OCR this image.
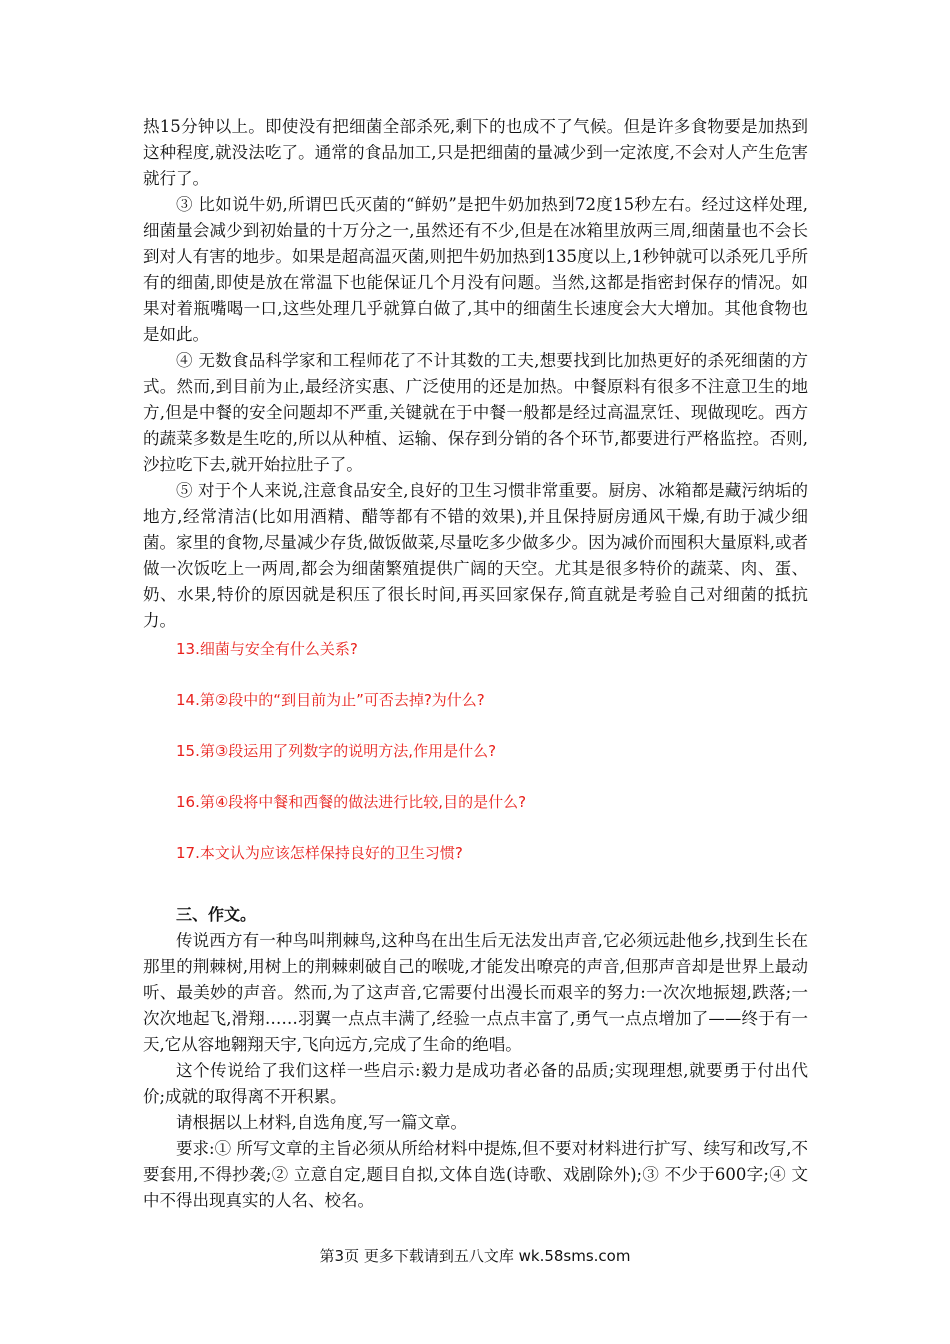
热15分钟以上。即使没有把细菌全部杀死,剩下的也成不了气候。但是许多食物要是加热到这种程度,就没法吃了。通常的食品加工,只是把细菌的量减少到一定浓度,不会对人产生危害就行了。

③ 比如说牛奶,所谓巴氏灭菌的“鲜奶”是把牛奶加热到72度15秒左右。经过这样处理,细菌量会减少到初始量的十万分之一,虽然还有不少,但是在冰箱里放两三周,细菌量也不会长到对人有害的地步。如果是超高温灭菌,则把牛奶加热到135度以上,1秒钟就可以杀死几乎所有的细菌,即使是放在常温下也能保证几个月没有问题。当然,这都是指密封保存的情况。如果对着瓶嘴喝一口,这些处理几乎就算白做了,其中的细菌生长速度会大大增加。其他食物也是如此。

④ 无数食品科学家和工程师花了不计其数的工夫,想要找到比加热更好的杀死细菌的方式。然而,到目前为止,最经济实惠、广泛使用的还是加热。中餐原料有很多不注意卫生的地方,但是中餐的安全问题却不严重,关键就在于中餐一般都是经过高温烹饪、现做现吃。西方的蔬菜多数是生吃的,所以从种植、运输、保存到分销的各个环节,都要进行严格监控。否则,沙拉吃下去,就开始拉肚子了。

⑤ 对于个人来说,注意食品安全,良好的卫生习惯非常重要。厨房、冰箱都是藏污纳垢的地方,经常清洁(比如用酒精、醋等都有不错的效果),并且保持厨房通风干燥,有助于减少细菌。家里的食物,尽量减少存货,做饭做菜,尽量吃多少做多少。因为减价而囤积大量原料,或者做一次饭吃上一两周,都会为细菌繁殖提供广阔的天空。尤其是很多特价的蔬菜、肉、蛋、奶、水果,特价的原因就是积压了很长时间,再买回家保存,简直就是考验自己对细菌的抵抗力。

13.细菌与安全有什么关系?

14.第②段中的“到目前为止”可否去掉?为什么?

15.第③段运用了列数字的说明方法,作用是什么?

16.第④段将中餐和西餐的做法进行比较,目的是什么?

17.本文认为应该怎样保持良好的卫生习惯?

三、作文。

传说西方有一种鸟叫荆棘鸟,这种鸟在出生后无法发出声音,它必须远赴他乡,找到生长在那里的荆棘树,用树上的荆棘刺破自己的喉咙,才能发出嘹亮的声音,但那声音却是世界上最动听、最美妙的声音。然而,为了这声音,它需要付出漫长而艰辛的努力:一次次地振翅,跌落;一次次地起飞,滑翔……羽翼一点点丰满了,经验一点点丰富了,勇气一点点增加了——终于有一天,它从容地翱翔天宇,飞向远方,完成了生命的绝唱。

这个传说给了我们这样一些启示:毅力是成功者必备的品质;实现理想,就要勇于付出代价;成就的取得离不开积累。

请根据以上材料,自选角度,写一篇文章。

要求:① 所写文章的主旨必须从所给材料中提炼,但不要对材料进行扩写、续写和改写,不要套用,不得抄袭;② 立意自定,题目自拟,文体自选(诗歌、戏剧除外);③ 不少于600字;④ 文中不得出现真实的人名、校名。

第3页 更多下载请到五八文库 wk.58sms.com
